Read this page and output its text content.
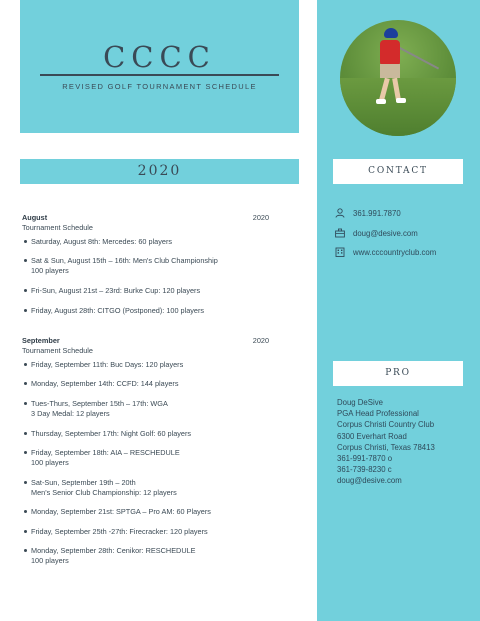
CCCC
REVISED GOLF TOURNAMENT SCHEDULE
2020
August	2020
Tournament Schedule
Saturday, August 8th: Mercedes: 60 players
Sat & Sun, August 15th – 16th: Men's Club Championship
100 players
Fri-Sun, August 21st – 23rd: Burke Cup: 120 players
Friday, August 28th: CITGO (Postponed): 100 players
September	2020
Tournament Schedule
Friday, September 11th: Buc Days: 120 players
Monday, September 14th: CCFD: 144 players
Tues-Thurs, September 15th – 17th: WGA
3 Day Medal: 12 players
Thursday, September 17th: Night Golf: 60 players
Friday, September 18th: AIA – RESCHEDULE
100 players
Sat-Sun, September 19th – 20th
Men's Senior Club Championship: 12 players
Monday, September 21st: SPTGA – Pro AM: 60 Players
Friday, September 25th -27th: Firecracker: 120 players
Monday, September 28th: Cenikor: RESCHEDULE
100 players
CONTACT
361.991.7870
doug@desive.com
www.cccountryclub.com
PRO
Doug DeSive
PGA Head Professional
Corpus Christi Country Club
6300 Everhart Road
Corpus Christi, Texas 78413
361-991-7870 o
361-739-8230 c
doug@desive.com
